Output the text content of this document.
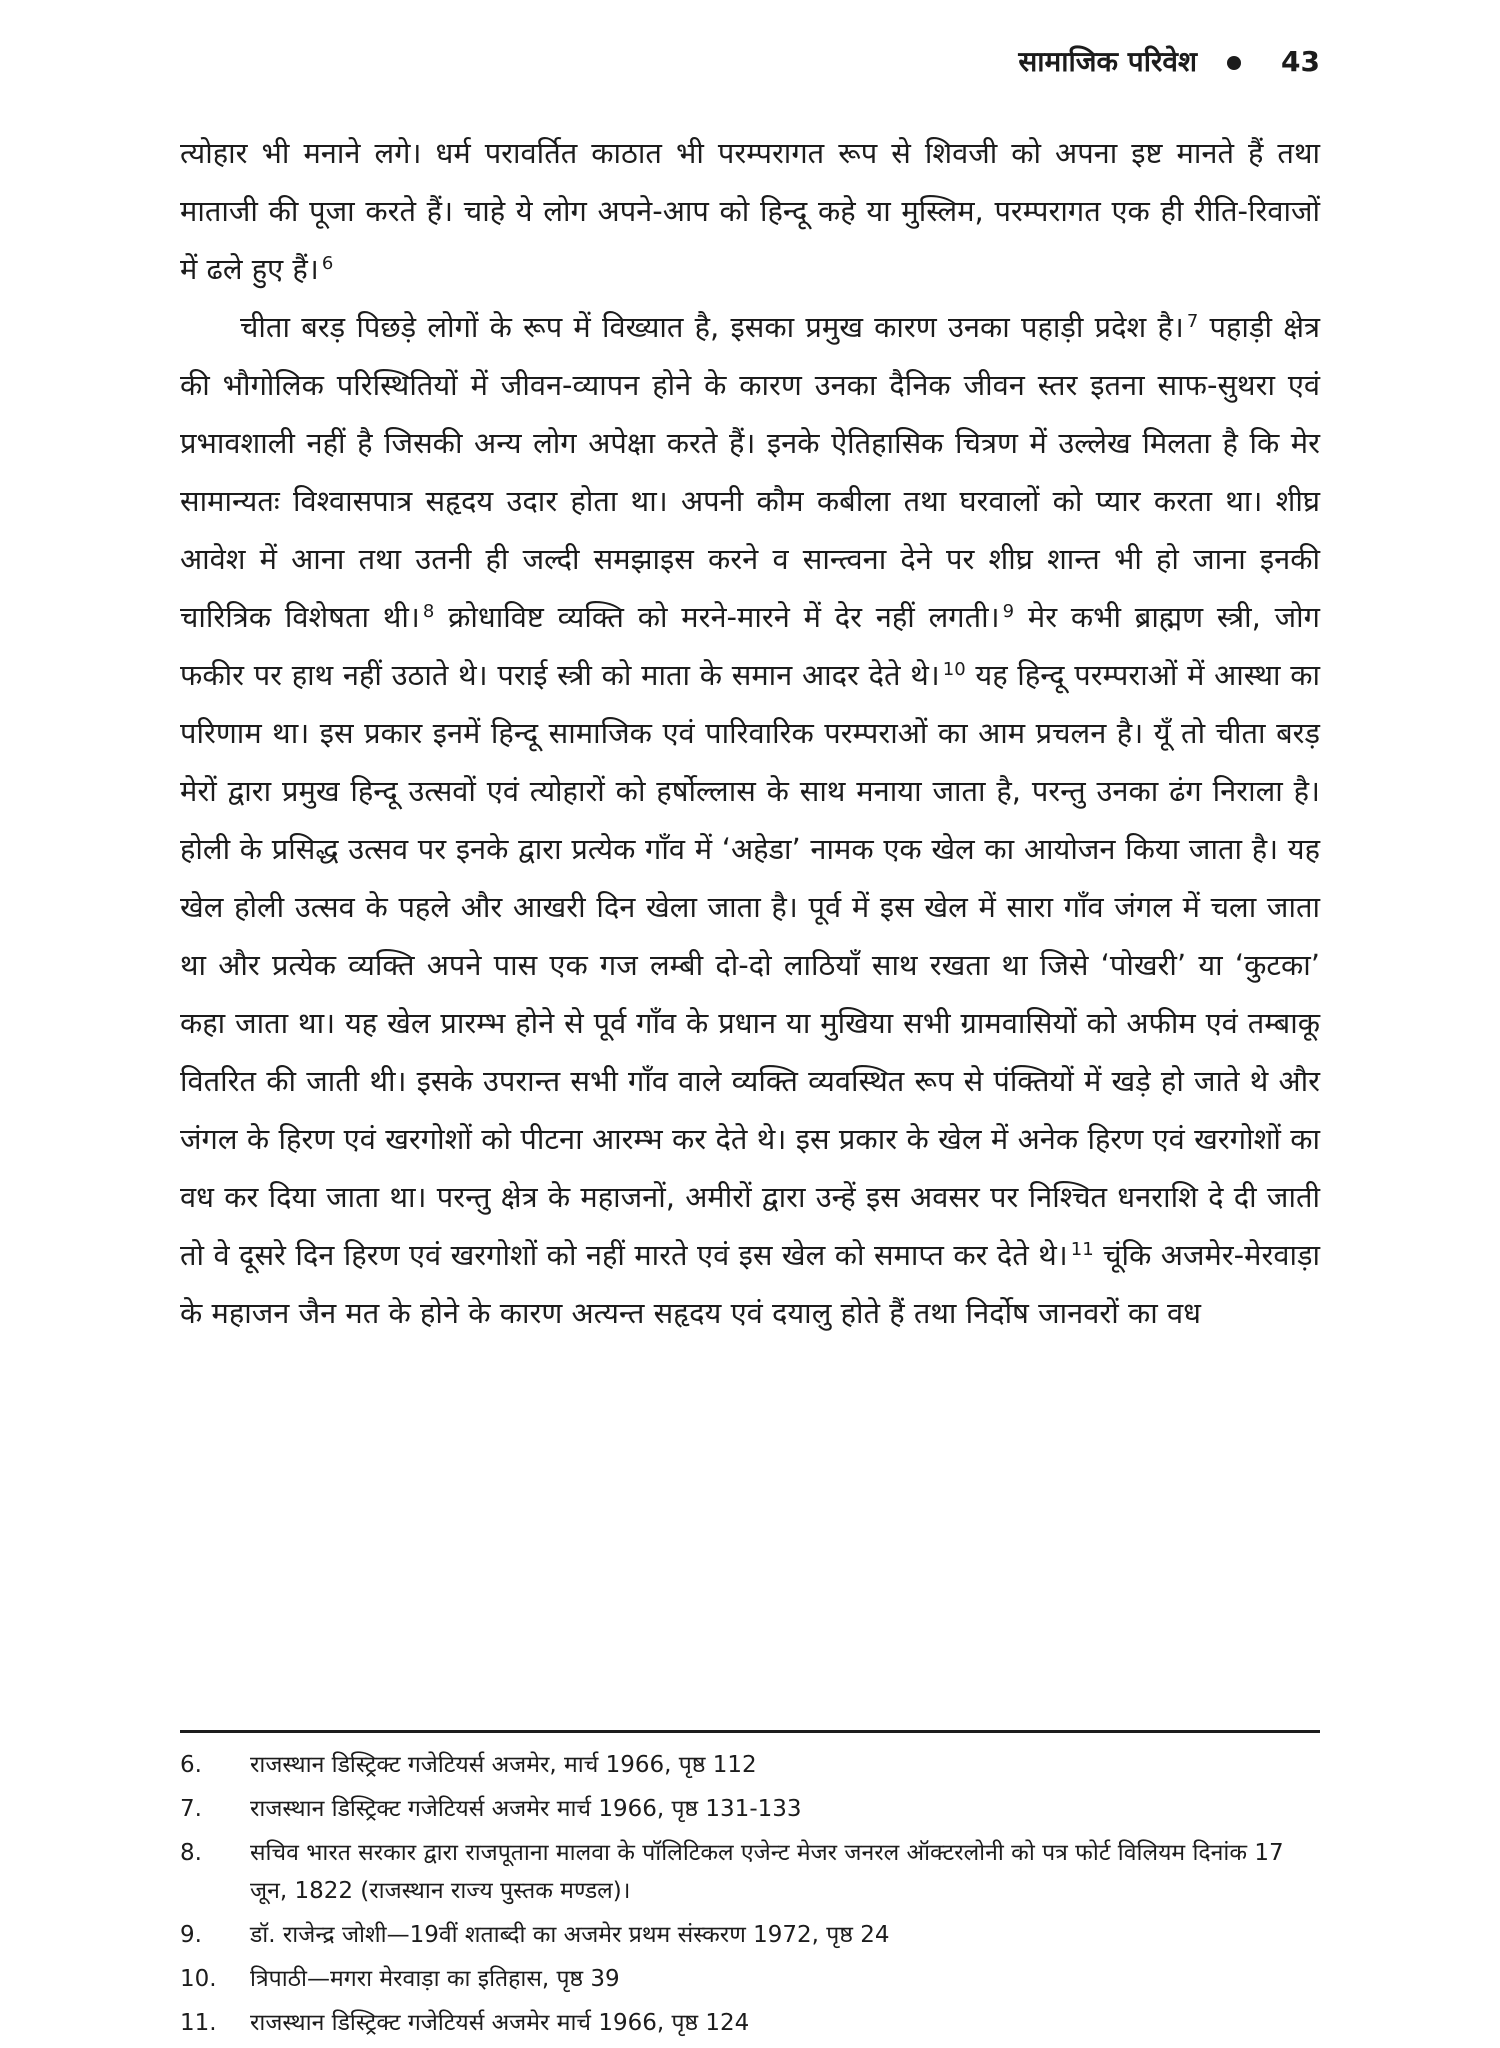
सामाजिक परिवेश	43

त्योहार भी मनाने लगे। धर्म परावर्तित काठात भी परम्परागत रूप से शिवजी को अपना इष्ट मानते हैं तथा माताजी की पूजा करते हैं। चाहे ये लोग अपने-आप को हिन्दू कहे या मुस्लिम, परम्परागत एक ही रीति-रिवाजों में ढले हुए हैं। $^6$

चीता बरड़ पिछड़े लोगों के रूप में विख्यात है, इसका प्रमुख कारण उनका पहाड़ी प्रदेश है। $^7$ पहाड़ी क्षेत्र की भौगोलिक परिस्थितियों में जीवन-व्यापन होने के कारण उनका दैनिक जीवन स्तर इतना साफ-सुथरा एवं प्रभावशाली नहीं है जिसकी अन्य लोग अपेक्षा करते हैं। इनके ऐतिहासिक चित्रण में उल्लेख मिलता है कि मेर सामान्यतः विश्वासपात्र सहृदय उदार होता था। अपनी कौम कबीला तथा घरवालों को प्यार करता था। शीघ्र आवेश में आना तथा उतनी ही जल्दी समझाइस करने व सान्त्वना देने पर शीघ्र शान्त भी हो जाना इनकी चारित्रिक विशेषता थी। $^8$ क्रोधाविष्ट व्यक्ति को मरने-मारने में देर नहीं लगती। $^9$ मेर कभी ब्राह्मण स्त्री, जोग फकीर पर हाथ नहीं उठाते थे। पराई स्त्री को माता के समान आदर देते थे। $^{10}$ यह हिन्दू परम्पराओं में आस्था का परिणाम था। इस प्रकार इनमें हिन्दू सामाजिक एवं पारिवारिक परम्पराओं का आम प्रचलन है। यूँ तो चीता बरड़ मेरों द्वारा प्रमुख हिन्दू उत्सवों एवं त्योहारों को हर्षोल्लास के साथ मनाया जाता है, परन्तु उनका ढंग निराला है। होली के प्रसिद्ध उत्सव पर इनके द्वारा प्रत्येक गाँव में ‘अहेडा’ नामक एक खेल का आयोजन किया जाता है। यह खेल होली उत्सव के पहले और आखरी दिन खेला जाता है। पूर्व में इस खेल में सारा गाँव जंगल में चला जाता था और प्रत्येक व्यक्ति अपने पास एक गज लम्बी दो-दो लाठियाँ साथ रखता था जिसे ‘पोखरी’ या ‘कुटका’ कहा जाता था। यह खेल प्रारम्भ होने से पूर्व गाँव के प्रधान या मुखिया सभी ग्रामवासियों को अफीम एवं तम्बाकू वितरित की जाती थी। इसके उपरान्त सभी गाँव वाले व्यक्ति व्यवस्थित रूप से पंक्तियों में खड़े हो जाते थे और जंगल के हिरण एवं खरगोशों को पीटना आरम्भ कर देते थे। इस प्रकार के खेल में अनेक हिरण एवं खरगोशों का वध कर दिया जाता था। परन्तु क्षेत्र के महाजनों, अमीरों द्वारा उन्हें इस अवसर पर निश्चित धनराशि दे दी जाती तो वे दूसरे दिन हिरण एवं खरगोशों को नहीं मारते एवं इस खेल को समाप्त कर देते थे। $^{11}$ चूंकि अजमेर-मेरवाड़ा के महाजन जैन मत के होने के कारण अत्यन्त सहृदय एवं दयालु होते हैं तथा निर्दोष जानवरों का वध

6.	राजस्थान डिस्ट्रिक्ट गजेटियर्स अजमेर, मार्च 1966, पृष्ठ 112
7.	राजस्थान डिस्ट्रिक्ट गजेटियर्स अजमेर मार्च 1966, पृष्ठ 131-133
8.	सचिव भारत सरकार द्वारा राजपूताना मालवा के पॉलिटिकल एजेन्ट मेजर जनरल ऑक्टरलोनी को पत्र फोर्ट विलियम दिनांक 17 जून, 1822 (राजस्थान राज्य पुस्तक मण्डल)।
9.	डॉ. राजेन्द्र जोशी—19वीं शताब्दी का अजमेर प्रथम संस्करण 1972, पृष्ठ 24
10.	त्रिपाठी—मगरा मेरवाड़ा का इतिहास, पृष्ठ 39
11.	राजस्थान डिस्ट्रिक्ट गजेटियर्स अजमेर मार्च 1966, पृष्ठ 124
